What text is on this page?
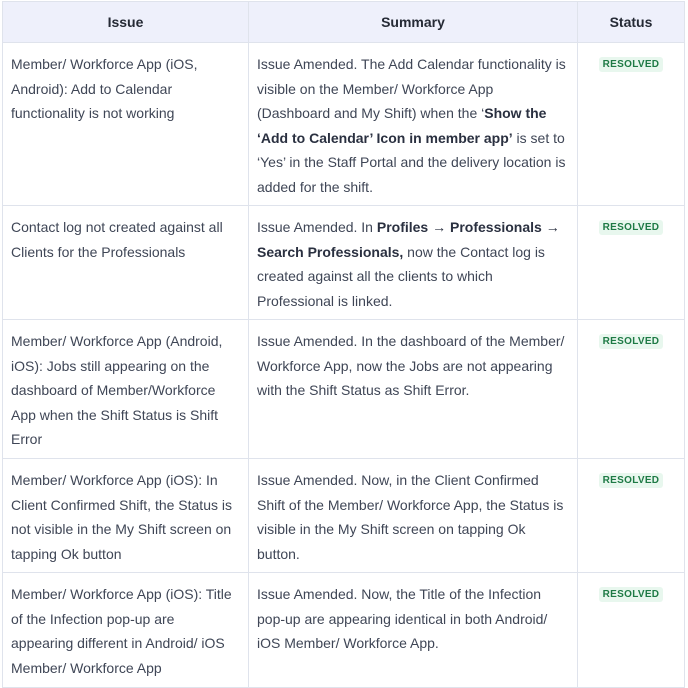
Issue	Summary	Status
Member/ Workforce App (iOS, Android): Add to Calendar functionality is not working
Issue Amended. The Add Calendar functionality is visible on the Member/ Workforce App (Dashboard and My Shift) when the ‘Show the ‘Add to Calendar’ Icon in member app’ is set to ‘Yes’ in the Staff Portal and the delivery location is added for the shift.
RESOLVED
Contact log not created against all Clients for the Professionals
Issue Amended. In Profiles → Professionals → Search Professionals, now the Contact log is created against all the clients to which Professional is linked.
RESOLVED
Member/ Workforce App (Android, iOS): Jobs still appearing on the dashboard of Member/Workforce App when the Shift Status is Shift Error
Issue Amended. In the dashboard of the Member/ Workforce App, now the Jobs are not appearing with the Shift Status as Shift Error.
RESOLVED
Member/ Workforce App (iOS): In Client Confirmed Shift, the Status is not visible in the My Shift screen on tapping Ok button
Issue Amended. Now, in the Client Confirmed Shift of the Member/ Workforce App, the Status is visible in the My Shift screen on tapping Ok button.
RESOLVED
Member/ Workforce App (iOS): Title of the Infection pop-up are appearing different in Android/ iOS Member/ Workforce App
Issue Amended. Now, the Title of the Infection pop-up are appearing identical in both Android/ iOS Member/ Workforce App.
RESOLVED
